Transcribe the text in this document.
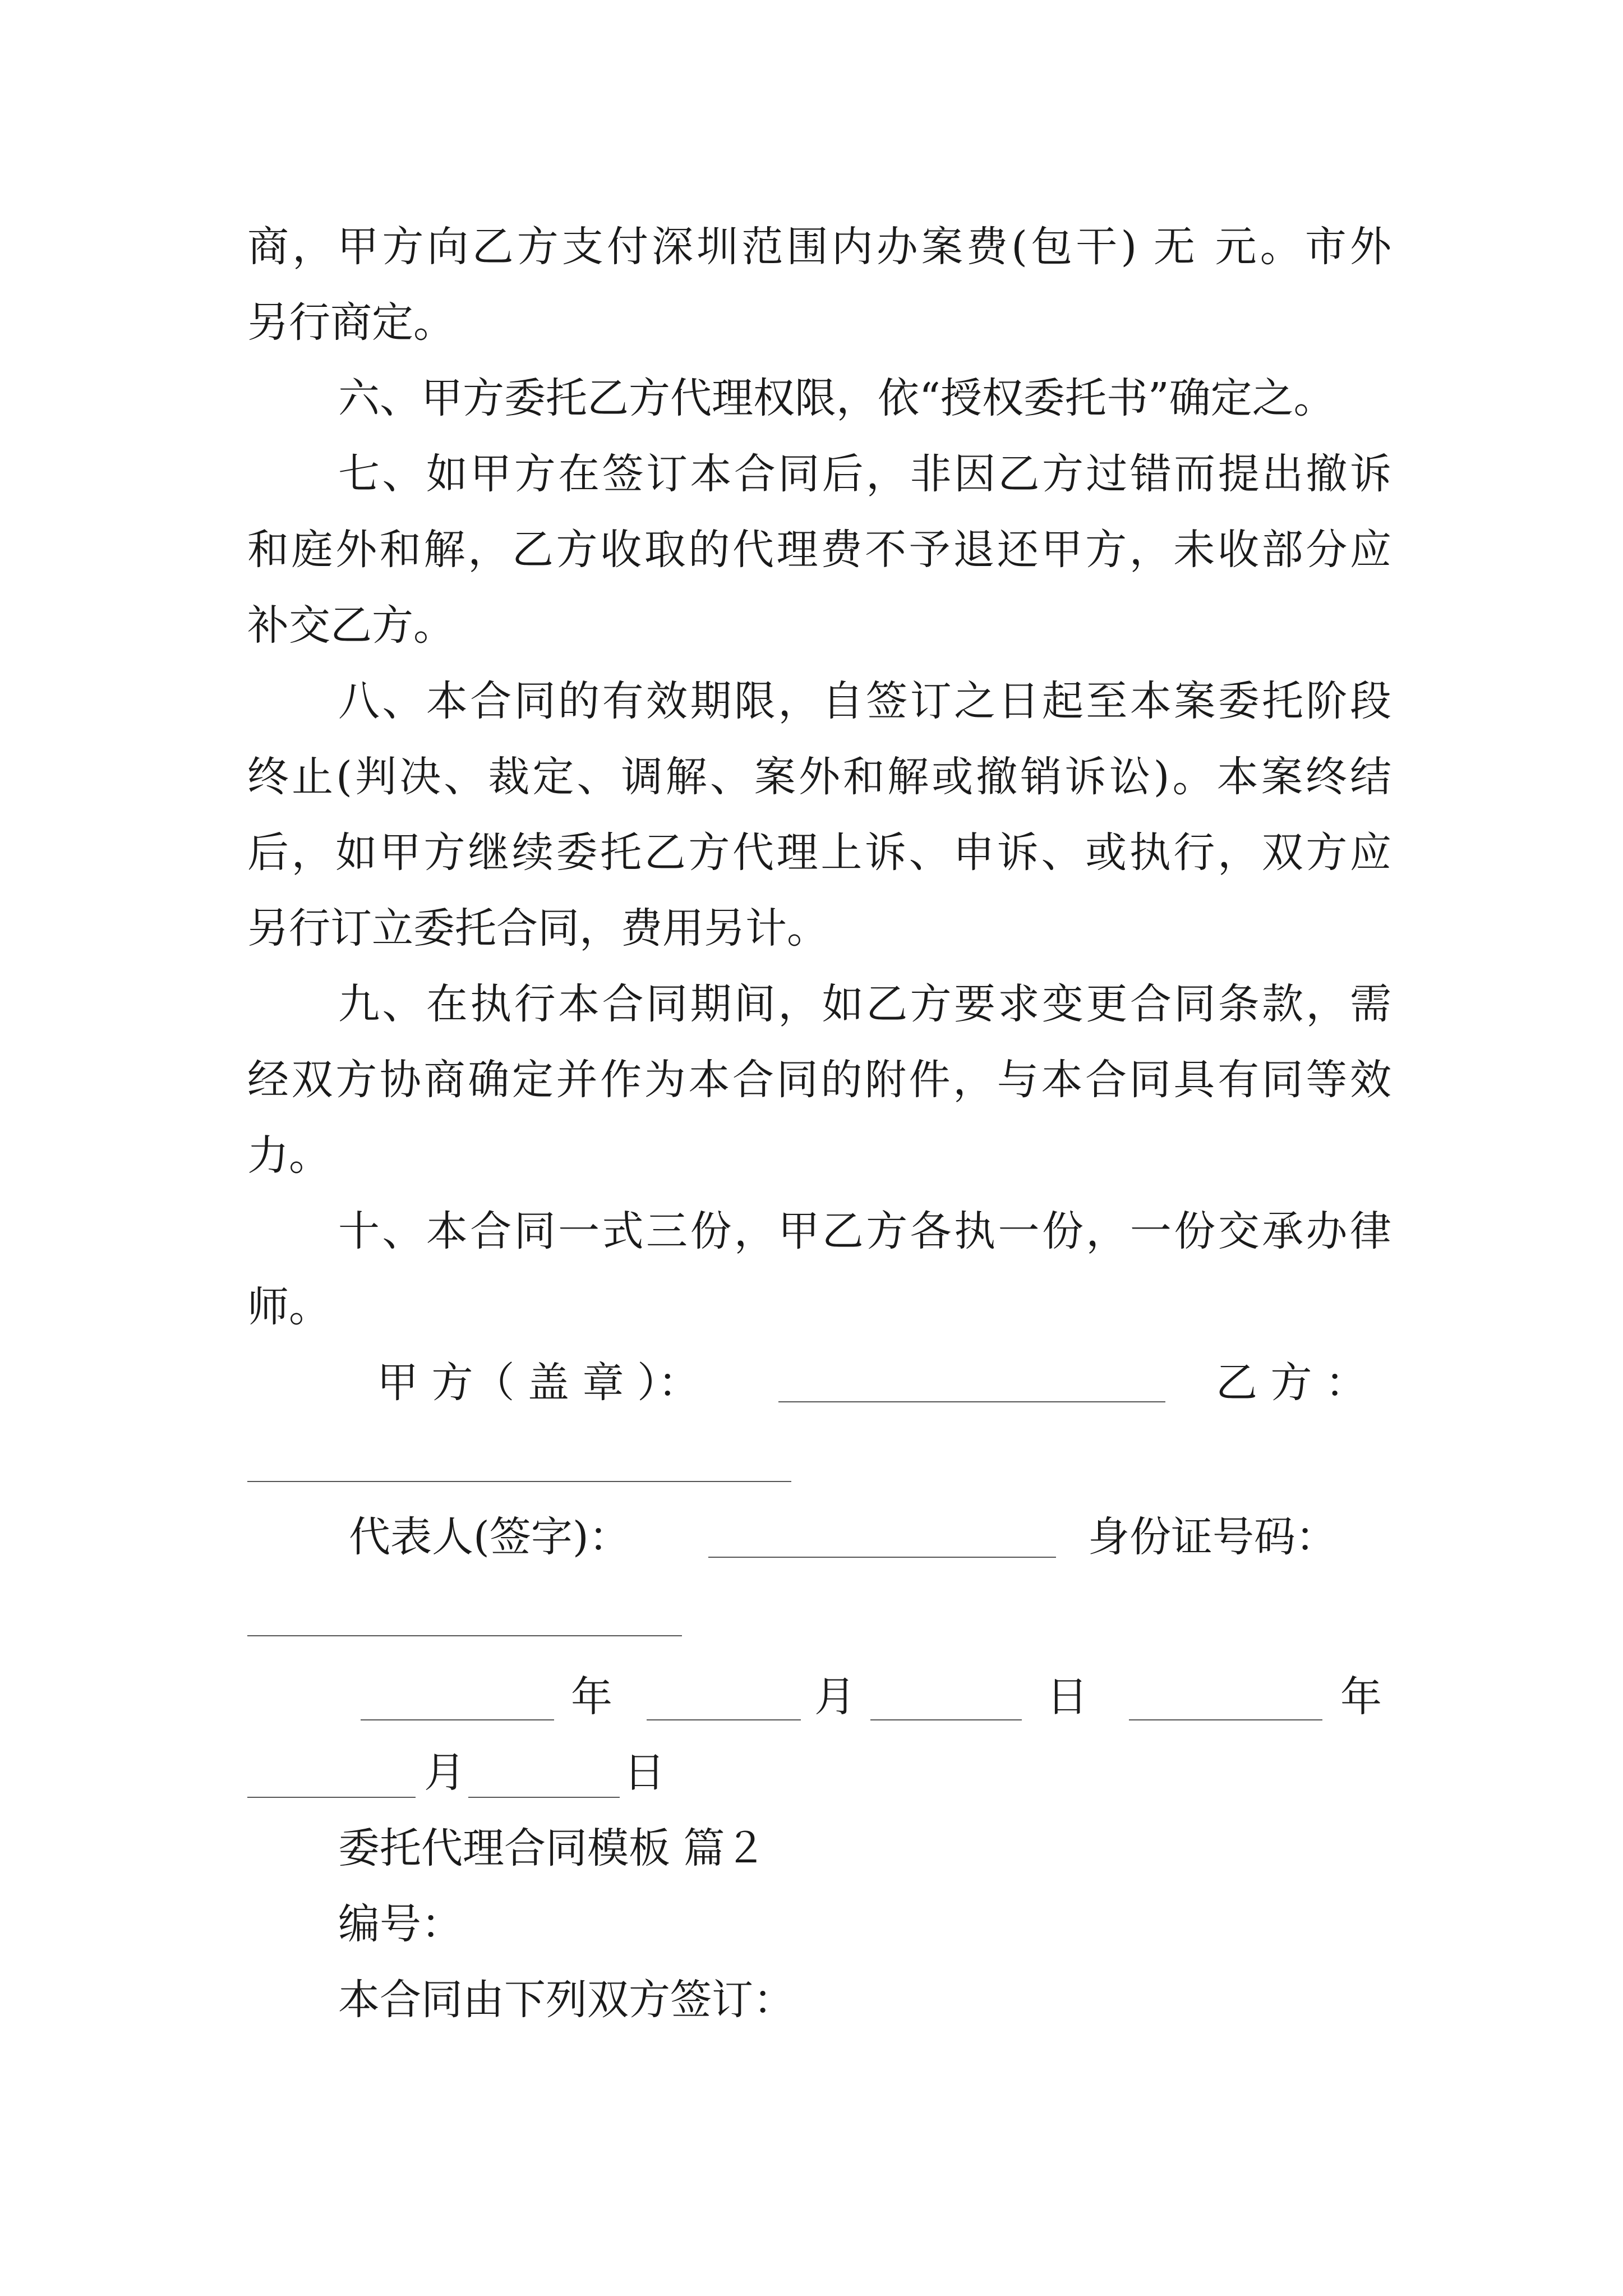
商，甲方向乙方支付深圳范围内办案费(包干) 无 元。市外
另行商定。
六、甲方委托乙方代理权限，依“授权委托书”确定之。
七、如甲方在签订本合同后，非因乙方过错而提出撤诉
和庭外和解，乙方收取的代理费不予退还甲方，未收部分应
补交乙方。
八、本合同的有效期限，自签订之日起至本案委托阶段
终止(判决、裁定、调解、案外和解或撤销诉讼)。本案终结
后，如甲方继续委托乙方代理上诉、申诉、或执行，双方应
另行订立委托合同，费用另计。
九、在执行本合同期间，如乙方要求变更合同条款，需
经双方协商确定并作为本合同的附件，与本合同具有同等效
力。
十、本合同一式三份，甲乙方各执一份，一份交承办律
师。
甲 方（ 盖 章 ）：	乙 方 ：
代表人(签字)：	身份证号码：
年	月	日	年
月	日
委托代理合同模板 篇２
编号：
本合同由下列双方签订：
